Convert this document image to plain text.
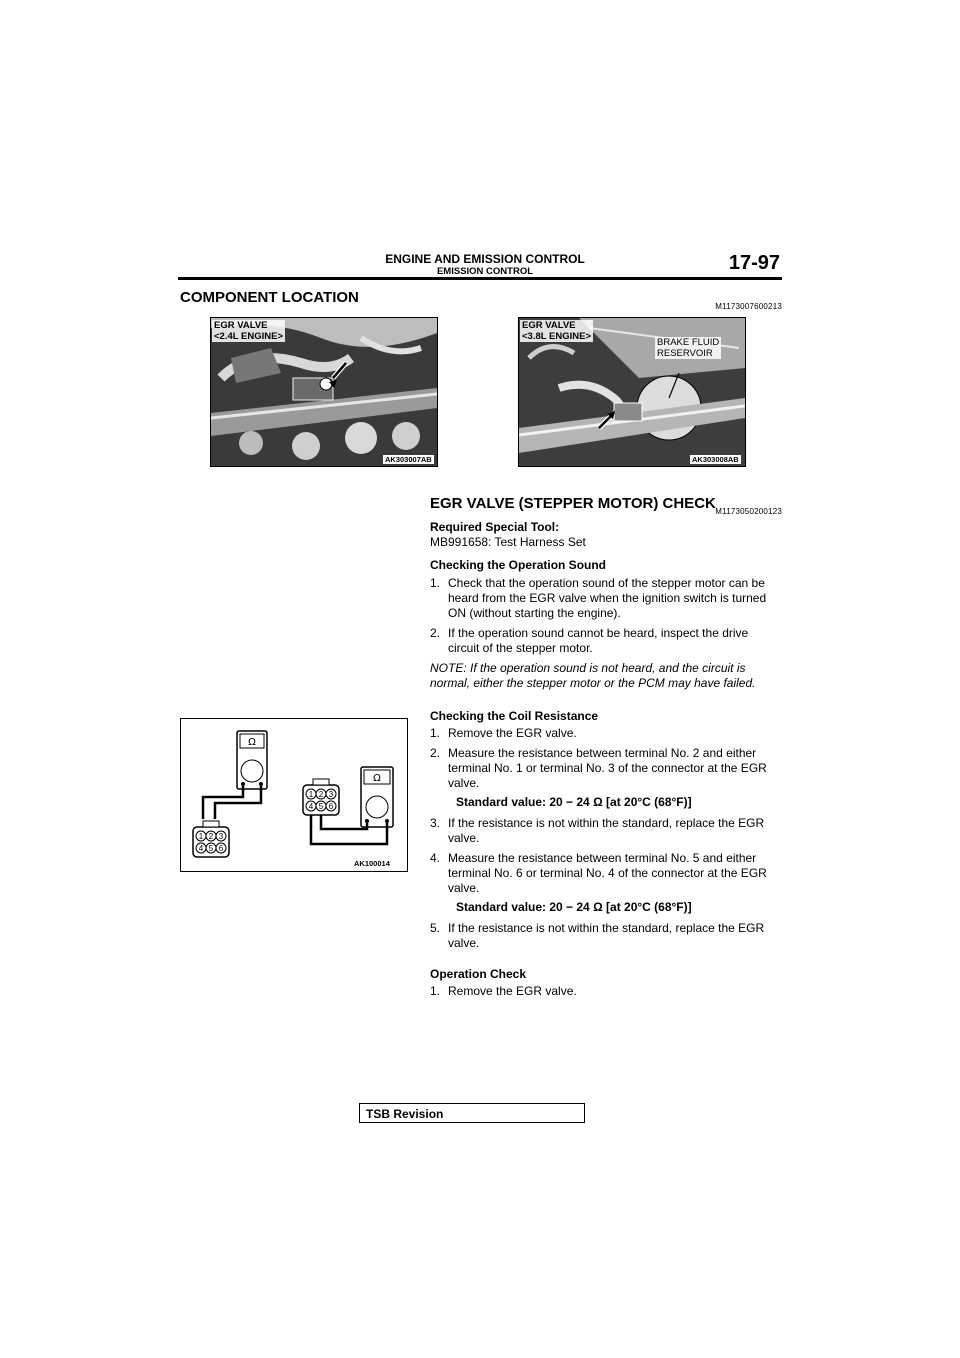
ENGINE AND EMISSION CONTROL
EMISSION CONTROL	17-97
COMPONENT LOCATION
M1173007600213
EGR VALVE
<2.4L ENGINE>
AK303007AB
EGR VALVE
<3.8L ENGINE>
BRAKE FLUID
RESERVOIR
AK303008AB
EGR VALVE (STEPPER MOTOR) CHECK M1173050200123
Required Special Tool:
MB991658: Test Harness Set
Checking the Operation Sound
1. Check that the operation sound of the stepper motor can be heard from the EGR valve when the ignition switch is turned ON (without starting the engine).
2. If the operation sound cannot be heard, inspect the drive circuit of the stepper motor.
NOTE: If the operation sound is not heard, and the circuit is normal, either the stepper motor or the PCM may have failed.
Checking the Coil Resistance
1. Remove the EGR valve.
2. Measure the resistance between terminal No. 2 and either terminal No. 1 or terminal No. 3 of the connector at the EGR valve.
Standard value: 20 − 24 Ω [at 20°C (68°F)]
3. If the resistance is not within the standard, replace the EGR valve.
4. Measure the resistance between terminal No. 5 and either terminal No. 6 or terminal No. 4 of the connector at the EGR valve.
Standard value: 20 − 24 Ω [at 20°C (68°F)]
5. If the resistance is not within the standard, replace the EGR valve.
Operation Check
1. Remove the EGR valve.
Ω
1 2 3
4 5 6
Ω
1 2 3
4 5 6
AK100014
TSB Revision
